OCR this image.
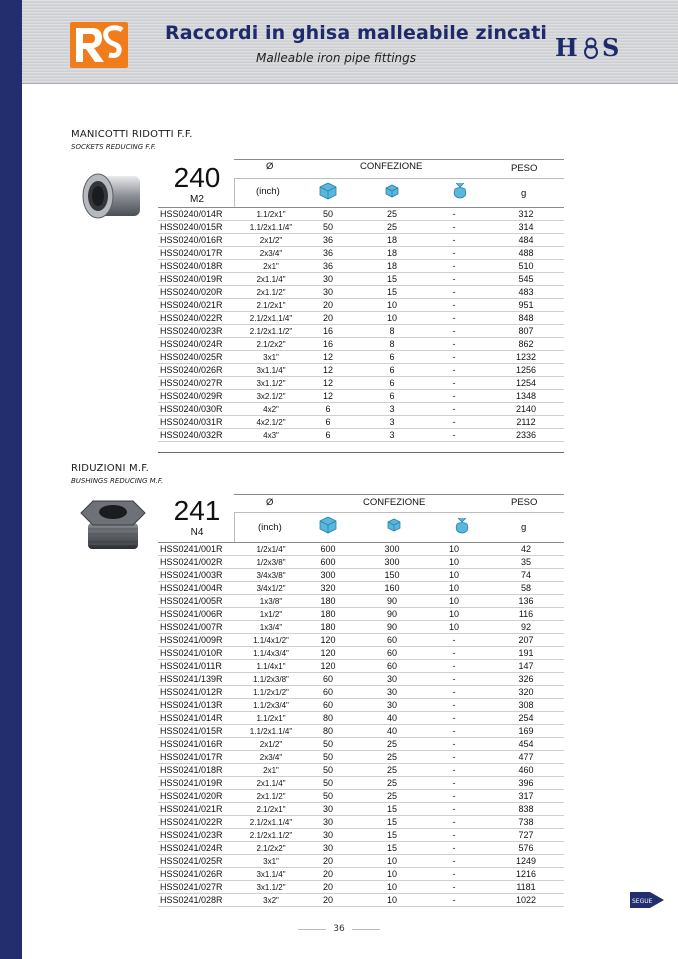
Raccordi in ghisa malleabile zincati
Malleable iron pipe fittings	H S
MANICOTTI RIDOTTI F.F.
SOCKETS REDUCING F.F.
240
M2
Ø	CONFEZIONE	PESO
(inch)	g
HSS0240/014R	1.1/2x1"	50	25	-	312
HSS0240/015R	1.1/2x1.1/4"	50	25	-	314
HSS0240/016R	2x1/2"	36	18	-	484
HSS0240/017R	2x3/4"	36	18	-	488
HSS0240/018R	2x1"	36	18	-	510
HSS0240/019R	2x1.1/4"	30	15	-	545
HSS0240/020R	2x1.1/2"	30	15	-	483
HSS0240/021R	2.1/2x1"	20	10	-	951
HSS0240/022R	2.1/2x1.1/4"	20	10	-	848
HSS0240/023R	2.1/2x1.1/2"	16	8	-	807
HSS0240/024R	2.1/2x2"	16	8	-	862
HSS0240/025R	3x1"	12	6	-	1232
HSS0240/026R	3x1.1/4"	12	6	-	1256
HSS0240/027R	3x1.1/2"	12	6	-	1254
HSS0240/029R	3x2.1/2"	12	6	-	1348
HSS0240/030R	4x2"	6	3	-	2140
HSS0240/031R	4x2.1/2"	6	3	-	2112
HSS0240/032R	4x3"	6	3	-	2336
RIDUZIONI M.F.
BUSHINGS REDUCING M.F.
241
N4
Ø	CONFEZIONE	PESO
(inch)	g
HSS0241/001R	1/2x1/4"	600	300	10	42
HSS0241/002R	1/2x3/8"	600	300	10	35
HSS0241/003R	3/4x3/8"	300	150	10	74
HSS0241/004R	3/4x1/2"	320	160	10	58
HSS0241/005R	1x3/8"	180	90	10	136
HSS0241/006R	1x1/2"	180	90	10	116
HSS0241/007R	1x3/4"	180	90	10	92
HSS0241/009R	1.1/4x1/2"	120	60	-	207
HSS0241/010R	1.1/4x3/4"	120	60	-	191
HSS0241/011R	1.1/4x1"	120	60	-	147
HSS0241/139R	1.1/2x3/8"	60	30	-	326
HSS0241/012R	1.1/2x1/2"	60	30	-	320
HSS0241/013R	1.1/2x3/4"	60	30	-	308
HSS0241/014R	1.1/2x1"	80	40	-	254
HSS0241/015R	1.1/2x1.1/4"	80	40	-	169
HSS0241/016R	2x1/2"	50	25	-	454
HSS0241/017R	2x3/4"	50	25	-	477
HSS0241/018R	2x1"	50	25	-	460
HSS0241/019R	2x1.1/4"	50	25	-	396
HSS0241/020R	2x1.1/2"	50	25	-	317
HSS0241/021R	2.1/2x1"	30	15	-	838
HSS0241/022R	2.1/2x1.1/4"	30	15	-	738
HSS0241/023R	2.1/2x1.1/2"	30	15	-	727
HSS0241/024R	2.1/2x2"	30	15	-	576
HSS0241/025R	3x1"	20	10	-	1249
HSS0241/026R	3x1.1/4"	20	10	-	1216
HSS0241/027R	3x1.1/2"	20	10	-	1181
HSS0241/028R	3x2"	20	10	-	1022	SEGUE
36
